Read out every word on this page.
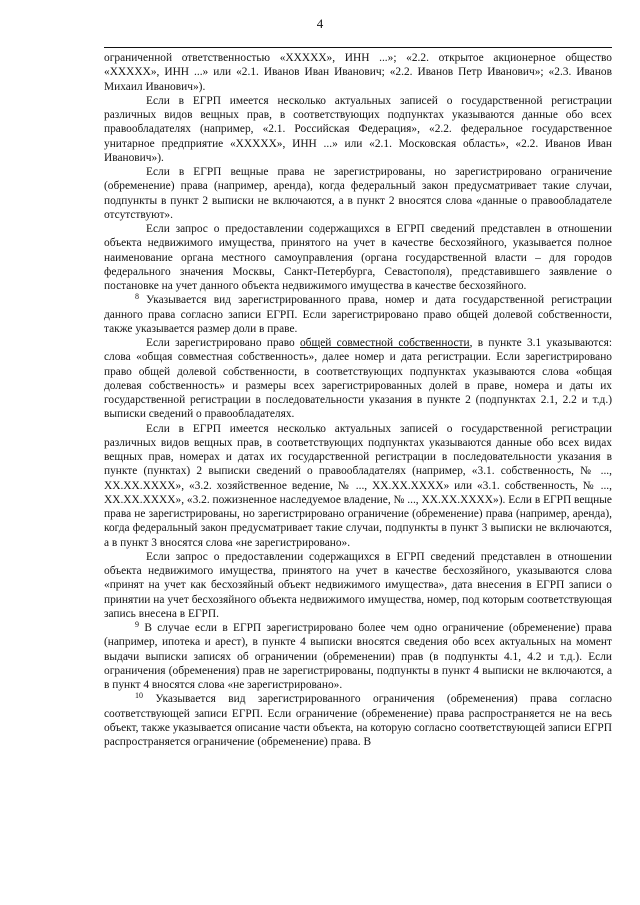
4

ограниченной ответственностью «XXXXX», ИНН ...»; «2.2. открытое акционерное общество «XXXXX», ИНН ...» или «2.1. Иванов Иван Иванович; «2.2. Иванов Петр Иванович»; «2.3. Иванов Михаил Иванович»).

Если в ЕГРП имеется несколько актуальных записей о государственной регистрации различных видов вещных прав, в соответствующих подпунктах указываются данные обо всех правообладателях (например, «2.1. Российская Федерация», «2.2. федеральное государственное унитарное предприятие «XXXXX», ИНН ...» или «2.1. Московская область», «2.2. Иванов Иван Иванович»).

Если в ЕГРП вещные права не зарегистрированы, но зарегистрировано ограничение (обременение) права (например, аренда), когда федеральный закон предусматривает такие случаи, подпункты в пункт 2 выписки не включаются, а в пункт 2 вносятся слова «данные о правообладателе отсутствуют».

Если запрос о предоставлении содержащихся в ЕГРП сведений представлен в отношении объекта недвижимого имущества, принятого на учет в качестве бесхозяйного, указывается полное наименование органа местного самоуправления (органа государственной власти – для городов федерального значения Москвы, Санкт-Петербурга, Севастополя), представившего заявление о постановке на учет данного объекта недвижимого имущества в качестве бесхозяйного.

$^8$ Указывается вид зарегистрированного права, номер и дата государственной регистрации данного права согласно записи ЕГРП. Если зарегистрировано право общей долевой собственности, также указывается размер доли в праве.

Если зарегистрировано право общей совместной собственности, в пункте 3.1 указываются: слова «общая совместная собственность», далее номер и дата регистрации. Если зарегистрировано право общей долевой собственности, в соответствующих подпунктах указываются слова «общая долевая собственность» и размеры всех зарегистрированных долей в праве, номера и даты их государственной регистрации в последовательности указания в пункте 2 (подпунктах 2.1, 2.2 и т.д.) выписки сведений о правообладателях.

Если в ЕГРП имеется несколько актуальных записей о государственной регистрации различных видов вещных прав, в соответствующих подпунктах указываются данные обо всех видах вещных прав, номерах и датах их государственной регистрации в последовательности указания в пункте (пунктах) 2 выписки сведений о правообладателях (например, «3.1. собственность, № ..., XX.XX.XXXX», «3.2. хозяйственное ведение, № ..., XX.XX.XXXX» или «3.1. собственность, № ..., XX.XX.XXXX», «3.2. пожизненное наследуемое владение, № ..., XX.XX.XXXX»). Если в ЕГРП вещные права не зарегистрированы, но зарегистрировано ограничение (обременение) права (например, аренда), когда федеральный закон предусматривает такие случаи, подпункты в пункт 3 выписки не включаются, а в пункт 3 вносятся слова «не зарегистрировано».

Если запрос о предоставлении содержащихся в ЕГРП сведений представлен в отношении объекта недвижимого имущества, принятого на учет в качестве бесхозяйного, указываются слова «принят на учет как бесхозяйный объект недвижимого имущества», дата внесения в ЕГРП записи о принятии на учет бесхозяйного объекта недвижимого имущества, номер, под которым соответствующая запись внесена в ЕГРП.

$^9$ В случае если в ЕГРП зарегистрировано более чем одно ограничение (обременение) права (например, ипотека и арест), в пункте 4 выписки вносятся сведения обо всех актуальных на момент выдачи выписки записях об ограничении (обременении) прав (в подпункты 4.1, 4.2 и т.д.). Если ограничения (обременения) прав не зарегистрированы, подпункты в пункт 4 выписки не включаются, а в пункт 4 вносятся слова «не зарегистрировано».

$^{10}$ Указывается вид зарегистрированного ограничения (обременения) права согласно соответствующей записи ЕГРП. Если ограничение (обременение) права распространяется не на весь объект, также указывается описание части объекта, на которую согласно соответствующей записи ЕГРП распространяется ограничение (обременение) права. В
